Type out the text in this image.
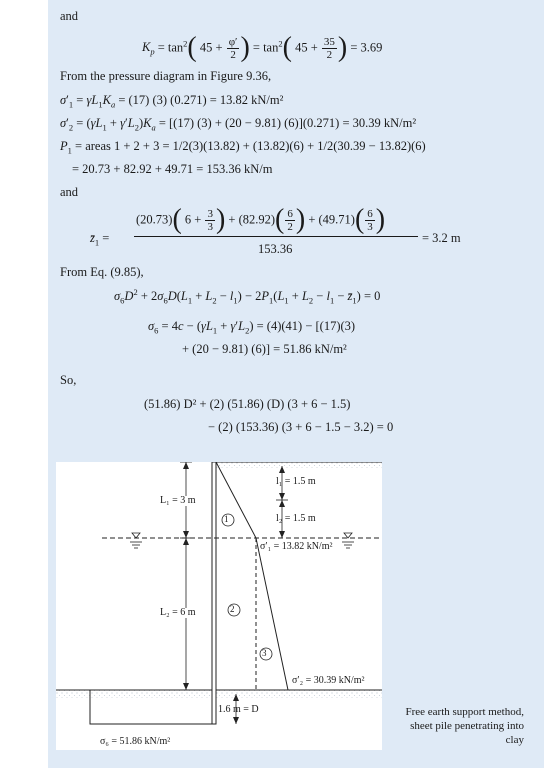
and
$K_p = \tan^2$( $45 + \frac{\varphi'}{2}$ ) = $\tan^2$( $45 + \frac{35}{2}$ ) = 3.69
From the pressure diagram in Figure 9.36,
$\sigma'_1 = \gamma L_1K_a = (17)$ (3) (0.271) = 13.82 kN/m²
$\sigma'_2 = (\gamma L_1 + \gamma'L_2)K_a = [(17) (3) + (20 - 9.81) (6)](0.271) = 30.39$ kN/m²
$P_1$ = areas 1 + 2 + 3 = 1/2(3)(13.82) + (13.82)(6) + 1/2(30.39 − 13.82)(6)
= 20.73 + 82.92 + 49.71 = 153.36 kN/m
and
$z̄_1$ =
(20.73)( $6 + \frac{3}{3}$ ) + $(82.92)( \frac{6}{2}$ ) + $(49.71)( \frac{6}{3}$ )
153.36
= 3.2 m
From Eq. (9.85),
$\sigma_6D^2 + 2\sigma_6D(L_1 + L_2 - l_1) - 2P_1(L_1 + L_2 - l_1$ − $z̄_1) = 0$
$\sigma_6 = 4c - (\gamma L_1 + \gamma'L_2) = (4)(41) - [(17)(3)$
+ (20 − 9.81) (6)] = 51.86 kN/m²
So,
(51.86) D² + (2) (51.86) (D) (3 + 6 − 1.5)
− (2) (153.36) (3 + 6 − 1.5 − 3.2) = 0
1
2
3
l₁ = 1.5 m
l₂ = 1.5 m
L₁ = 3 m
L₂ = 6 m
σ′₁ = 13.82 kN/m²
σ′₂ = 30.39 kN/m²
1.6 m = D
σ₆ = 51.86 kN/m²
Free earth support method, sheet pile penetrating into clay
